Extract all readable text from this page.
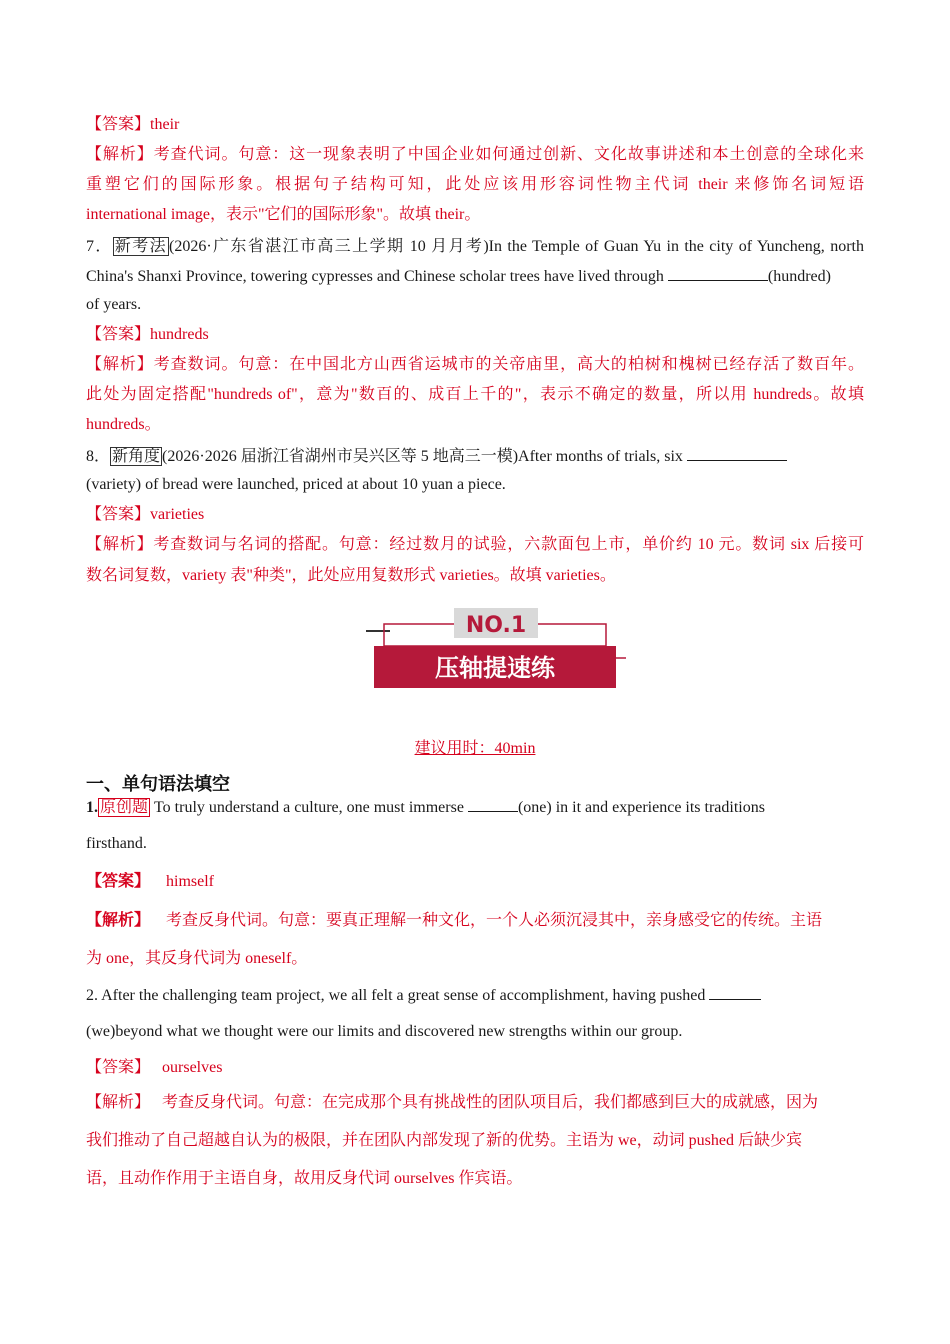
【答案】their
【解析】考查代词。句意：这一现象表明了中国企业如何通过创新、文化故事讲述和本土创意的全球化来
重塑它们的国际形象。根据句子结构可知，此处应该用形容词性物主代词 their 来修饰名词短语
international image，表示"它们的国际形象"。故填 their。
7． 新考法 (2026·广东省湛江市高三上学期 10 月月考)In the Temple of Guan Yu in the city of Yuncheng, north
China's Shanxi Province, towering cypresses and Chinese scholar trees have lived through	(hundred)
of years.
【答案】hundreds
【解析】考查数词。句意：在中国北方山西省运城市的关帝庙里，高大的柏树和槐树已经存活了数百年。
此处为固定搭配"hundreds of"，意为"数百的、成百上千的"，表示不确定的数量，所以用 hundreds。故填
hundreds。
8． 新角度 (2026·2026 届浙江省湖州市吴兴区等 5 地高三一模)After months of trials, six
(variety) of bread were launched, priced at about 10 yuan a piece.
【答案】varieties
【解析】考查数词与名词的搭配。句意：经过数月的试验，六款面包上市，单价约 10 元。数词 six 后接可
数名词复数，variety 表"种类"，此处应用复数形式 varieties。故填 varieties。
NO.1
压轴提速练
建议用时：40min
一、单句语法填空
1. 原创题 To truly understand a culture, one must immerse	(one) in it and experience its traditions
firsthand.
【答案】 himself
【解析】 考查反身代词。句意：要真正理解一种文化，一个人必须沉浸其中，亲身感受它的传统。主语
为 one，其反身代词为 oneself。
2. After the challenging team project, we all felt a great sense of accomplishment, having pushed
(we)beyond what we thought were our limits and discovered new strengths within our group.
【答案】 ourselves
【解析】 考查反身代词。句意：在完成那个具有挑战性的团队项目后，我们都感到巨大的成就感，因为
我们推动了自己超越自认为的极限，并在团队内部发现了新的优势。主语为 we，动词 pushed 后缺少宾
语，且动作作用于主语自身，故用反身代词 ourselves 作宾语。
